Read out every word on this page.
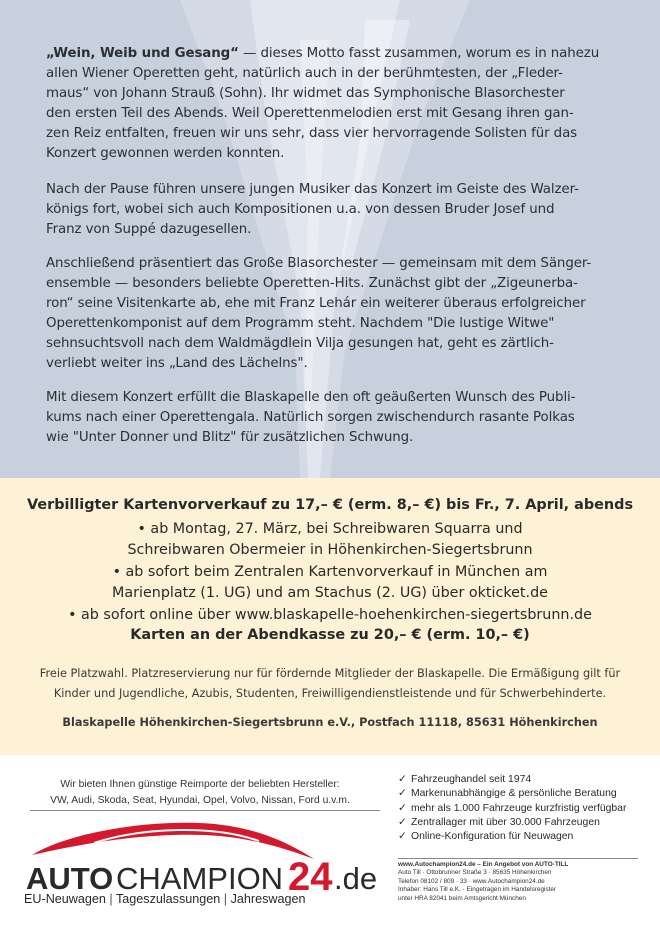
„Wein, Weib und Gesang“ — dieses Motto fasst zusammen, worum es in nahezu
allen Wiener Operetten geht, natürlich auch in der berühmtesten, der „Fleder-
maus“ von Johann Strauß (Sohn). Ihr widmet das Symphonische Blasorchester
den ersten Teil des Abends. Weil Operettenmelodien erst mit Gesang ihren gan-
zen Reiz entfalten, freuen wir uns sehr, dass vier hervorragende Solisten für das
Konzert gewonnen werden konnten.
Nach der Pause führen unsere jungen Musiker das Konzert im Geiste des Walzer-
königs fort, wobei sich auch Kompositionen u.a. von dessen Bruder Josef und
Franz von Suppé dazugesellen.
Anschließend präsentiert das Große Blasorchester — gemeinsam mit dem Sänger-
ensemble — besonders beliebte Operetten-Hits. Zunächst gibt der „Zigeunerba-
ron“ seine Visitenkarte ab, ehe mit Franz Lehár ein weiterer überaus erfolgreicher
Operettenkomponist auf dem Programm steht. Nachdem "Die lustige Witwe"
sehnsuchtsvoll nach dem Waldmägdlein Vilja gesungen hat, geht es zärtlich-
verliebt weiter ins „Land des Lächelns".
Mit diesem Konzert erfüllt die Blaskapelle den oft geäußerten Wunsch des Publi-
kums nach einer Operettengala. Natürlich sorgen zwischendurch rasante Polkas
wie "Unter Donner und Blitz" für zusätzlichen Schwung.
Verbilligter Kartenvorverkauf zu 17,– € (erm. 8,– €) bis Fr., 7. April, abends
• ab Montag, 27. März, bei Schreibwaren Squarra und
Schreibwaren Obermeier in Höhenkirchen-Siegertsbrunn
• ab sofort beim Zentralen Kartenvorverkauf in München am
Marienplatz (1. UG) und am Stachus (2. UG) über okticket.de
• ab sofort online über www.blaskapelle-hoehenkirchen-siegertsbrunn.de
Karten an der Abendkasse zu 20,– € (erm. 10,– €)
Freie Platzwahl. Platzreservierung nur für fördernde Mitglieder der Blaskapelle. Die Ermäßigung gilt für
Kinder und Jugendliche, Azubis, Studenten, Freiwilligendienstleistende und für Schwerbehinderte.
Blaskapelle Höhenkirchen-Siegertsbrunn e.V., Postfach 11118, 85631 Höhenkirchen
Wir bieten Ihnen günstige Reimporte der beliebten Hersteller:
VW, Audi, Skoda, Seat, Hyundai, Opel, Volvo, Nissan, Ford u.v.m.
AUTO CHAMPION 24 .de
EU-Neuwagen | Tageszulassungen | Jahreswagen
✓ Fahrzeughandel seit 1974
✓ Markenunabhängige & persönliche Beratung
✓ mehr als 1.000 Fahrzeuge kurzfristig verfügbar
✓ Zentrallager mit über 30.000 Fahrzeugen
✓ Online-Konfiguration für Neuwagen
www.Autochampion24.de – Ein Angebot von AUTO-TILL
Auto Till · Ottobrunner Straße 3 · 85635 Höhenkirchen
Telefon 08102 / 809 · 33 · www.Autochampion24.de
Inhaber: Hans Till e.K. · Eingetragen im Handelsregister
unter HRA 82041 beim Amtsgericht München
